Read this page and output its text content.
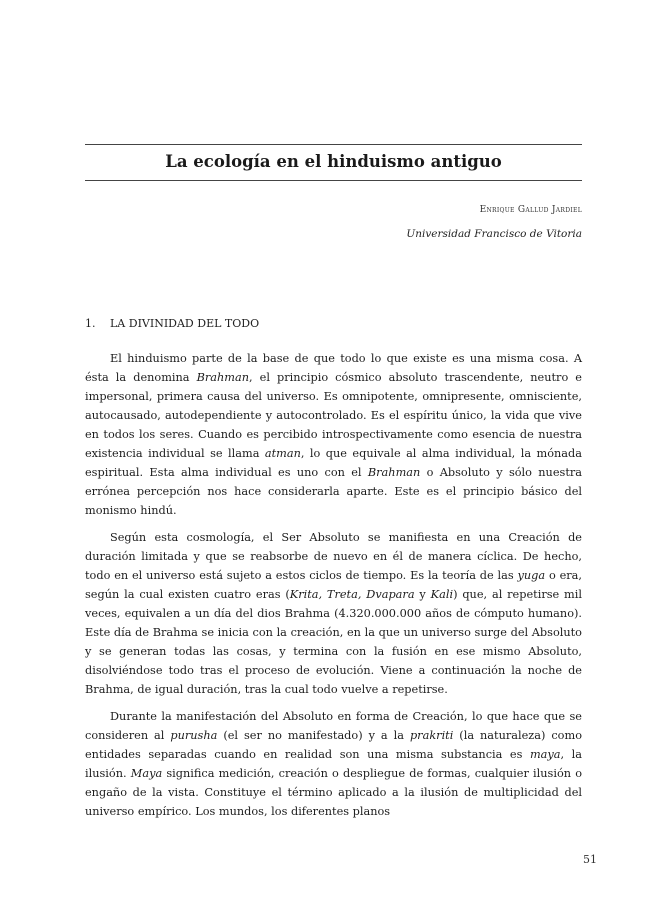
La ecología en el hinduismo antiguo

Enrique Gallud Jardiel

Universidad Francisco de Vitoria

1. LA DIVINIDAD DEL TODO

El hinduismo parte de la base de que todo lo que existe es una misma cosa. A ésta la denomina Brahman, el principio cósmico absoluto trascendente, neutro e impersonal, primera causa del universo. Es omnipotente, omnipresente, omnisciente, autocausado, autodependiente y autocontrolado. Es el espíritu único, la vida que vive en todos los seres. Cuando es percibido introspectivamente como esencia de nuestra existencia individual se llama atman, lo que equivale al alma individual, la mónada espiritual. Esta alma individual es uno con el Brahman o Absoluto y sólo nuestra errónea percepción nos hace considerarla aparte. Este es el principio básico del monismo hindú.

Según esta cosmología, el Ser Absoluto se manifiesta en una Creación de duración limitada y que se reabsorbe de nuevo en él de manera cíclica. De hecho, todo en el universo está sujeto a estos ciclos de tiempo. Es la teoría de las yuga o era, según la cual existen cuatro eras (Krita, Treta, Dvapara y Kali) que, al repetirse mil veces, equivalen a un día del dios Brahma (4.320.000.000 años de cómputo humano). Este día de Brahma se inicia con la creación, en la que un universo surge del Absoluto y se generan todas las cosas, y termina con la fusión en ese mismo Absoluto, disolviéndose todo tras el proceso de evolución. Viene a continuación la noche de Brahma, de igual duración, tras la cual todo vuelve a repetirse.

Durante la manifestación del Absoluto en forma de Creación, lo que hace que se consideren al purusha (el ser no manifestado) y a la prakriti (la naturaleza) como entidades separadas cuando en realidad son una misma substancia es maya, la ilusión. Maya significa medición, creación o despliegue de formas, cualquier ilusión o engaño de la vista. Constituye el término aplicado a la ilusión de multiplicidad del universo empírico. Los mundos, los diferentes planos

51
